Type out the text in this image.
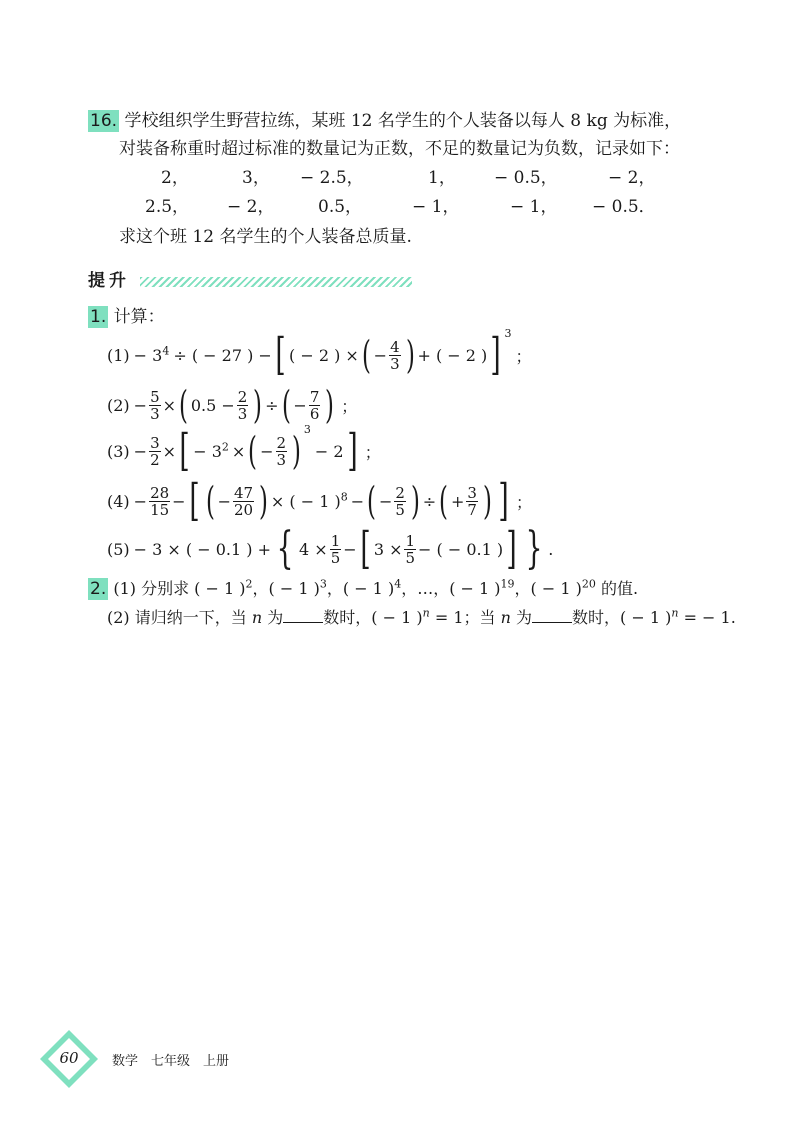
16. 学校组织学生野营拉练，某班 12 名学生的个人装备以每人 8 kg 为标准，
对装备称重时超过标准的数量记为正数，不足的数量记为负数，记录如下：
2，	3， − 2.5，	1， − 0.5，	− 2，
2.5， − 2，	0.5，	− 1，	− 1， − 0.5．
求这个班 12 名学生的个人装备总质量.
提升
1. 计算：
$(1) - 3^4$ ÷ ( − 27 ) − [ ( − 2 ) × ( − $\frac{4}{3}$ ) + ( − 2 ) ] 3
；
$(2) - \frac{5}{3}$ × ( $0.5 - \frac{2}{3}$ ) ÷ ( − $\frac{7}{6}$ ) ；
$(3) - \frac{3}{2}$ × [ − $3^2$ × ( − $\frac{2}{3}$ ) 3
− 2 ] ；
$(4) - \frac{28}{15}$ − [ ( − $\frac{47}{20}$ ) × ( − 1 )$^8$ − ( − $\frac{2}{5}$ ) ÷ ( + $\frac{3}{7}$ ) ] ；
(5) − 3 × ( − 0.1 ) + { $4 \times \frac{1}{5}$ − [ $3 \times \frac{1}{5}$ − ( − 0.1 ) ] } .
2. (1) 分别求 ( − 1 )$^2$，( − 1 )$^3$，( − 1 )$^4$，…，( − 1 )$^{19}$，( − 1 )$^{20}$ 的值.
(2) 请归纳一下，当 n 为	数时，( − 1 )$^n$ = 1；当 n 为	数时，( − 1 )$^n$ = − 1.
60	数学　七年级　上册
